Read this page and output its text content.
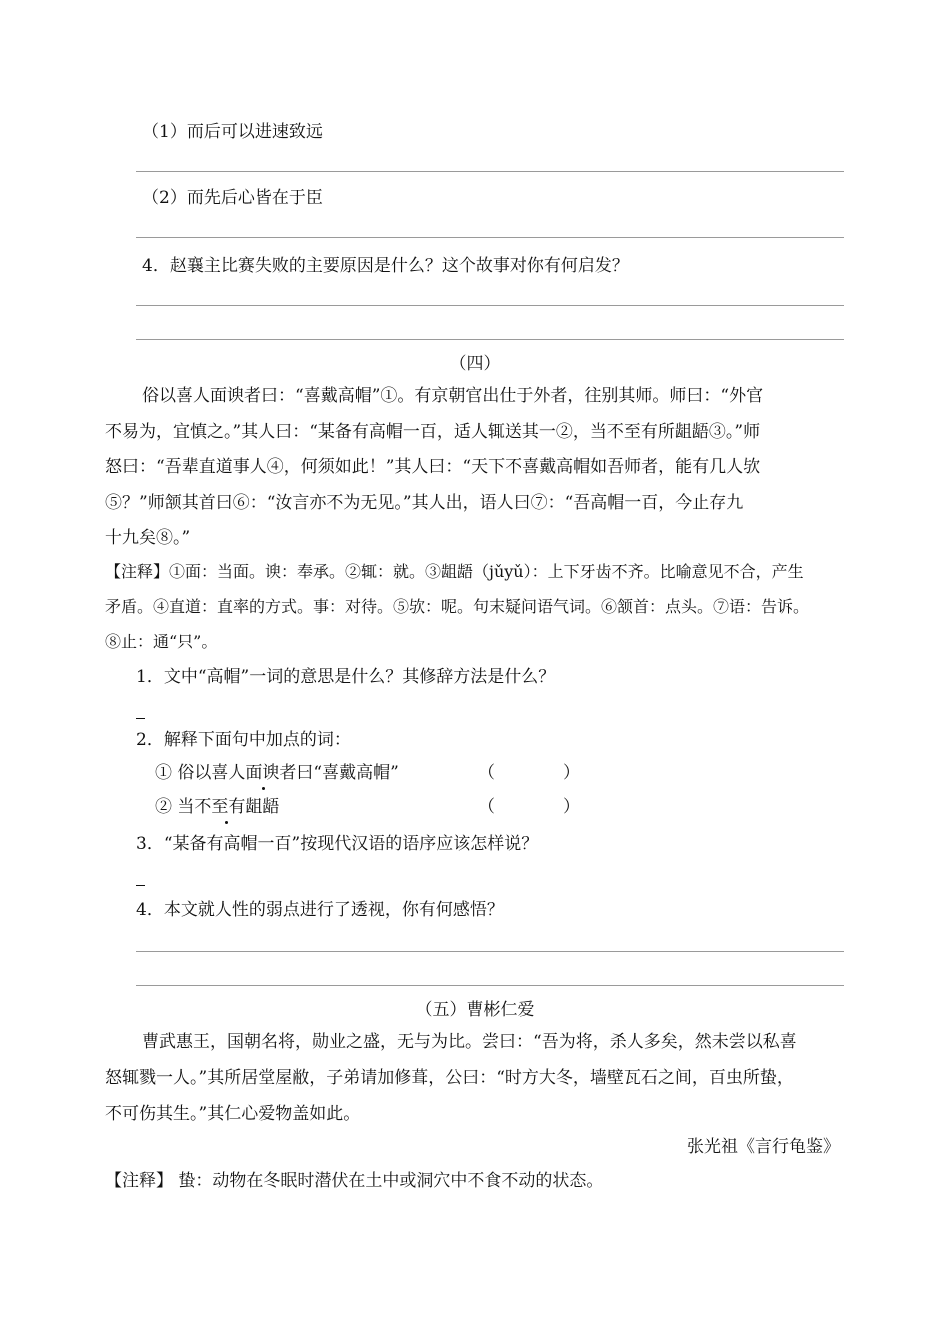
（1）而后可以进速致远
（2）而先后心皆在于臣
4．赵襄主比赛失败的主要原因是什么？这个故事对你有何启发？
（四）
俗以喜人面谀者曰：“喜戴高帽”①。有京朝官出仕于外者，往别其师。师曰：“外官
不易为，宜慎之。”其人曰：“某备有高帽一百，适人辄送其一②，当不至有所龃龉③。”师
怒曰：“吾辈直道事人④，何须如此！”其人曰：“天下不喜戴高帽如吾师者，能有几人欤
⑤？”师颔其首曰⑥：“汝言亦不为无见。”其人出，语人曰⑦：“吾高帽一百，今止存九
十九矣⑧。”
【注释】①面：当面。谀：奉承。②辄：就。③龃龉（jǔyǔ）：上下牙齿不齐。比喻意见不合，产生
矛盾。④直道：直率的方式。事：对待。⑤欤：呢。句末疑问语气词。⑥颔首：点头。⑦语：告诉。
⑧止：通“只”。
1．文中“高帽”一词的意思是什么？其修辞方法是什么？
2．解释下面句中加点的词：
① 俗以喜人面谀者曰“喜戴高帽”	（　　　　）
② 当不至有龃龉	（　　　　）
3．“某备有高帽一百”按现代汉语的语序应该怎样说？
4．本文就人性的弱点进行了透视，你有何感悟？
（五）曹彬仁爱
曹武惠王，国朝名将，勋业之盛，无与为比。尝曰：“吾为将，杀人多矣，然未尝以私喜
怒辄戮一人。”其所居堂屋敝，子弟请加修葺，公曰：“时方大冬，墙壁瓦石之间，百虫所蛰，
不可伤其生。”其仁心爱物盖如此。
张光祖《言行龟鉴》
【注释】 蛰：动物在冬眠时潜伏在土中或洞穴中不食不动的状态。
